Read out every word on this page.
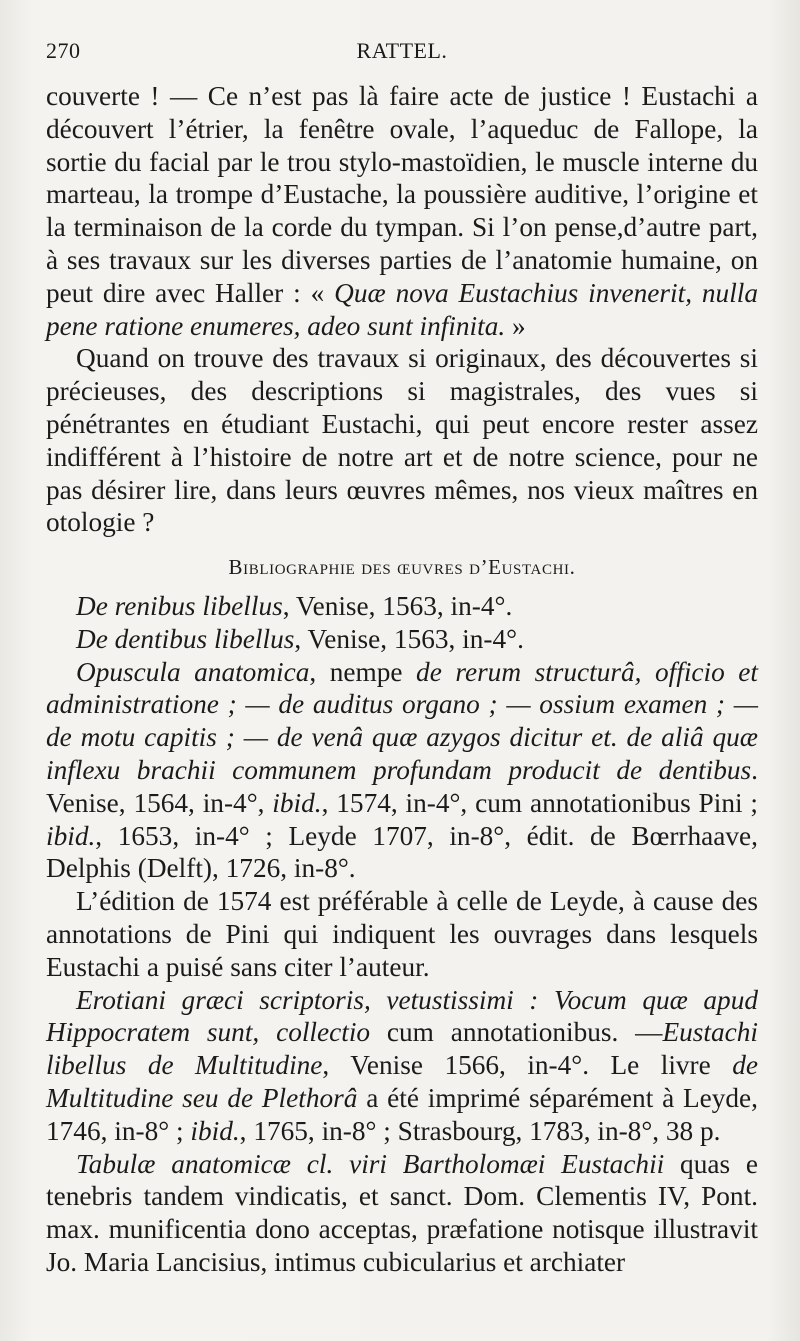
270	RATTEL.

couverte ! — Ce n’est pas là faire acte de justice ! Eustachi a découvert l’étrier, la fenêtre ovale, l’aqueduc de Fallope, la sortie du facial par le trou stylo-mastoïdien, le muscle interne du marteau, la trompe d’Eustache, la poussière auditive, l’origine et la terminaison de la corde du tympan. Si l’on pense,d’autre part, à ses travaux sur les diverses parties de l’anatomie humaine, on peut dire avec Haller : « Quæ nova Eustachius invenerit, nulla pene ratione enumeres, adeo sunt infinita. »

Quand on trouve des travaux si originaux, des découvertes si précieuses, des descriptions si magistrales, des vues si pénétrantes en étudiant Eustachi, qui peut encore rester assez indifférent à l’histoire de notre art et de notre science, pour ne pas désirer lire, dans leurs œuvres mêmes, nos vieux maîtres en otologie ?

Bibliographie des œuvres d’Eustachi.

De renibus libellus, Venise, 1563, in-4°.

De dentibus libellus, Venise, 1563, in-4°.

Opuscula anatomica, nempe de rerum structurâ, officio et administratione ; — de auditus organo ; — ossium examen ; — de motu capitis ; — de venâ quæ azygos dicitur et. de aliâ quæ inflexu brachii communem profundam producit de dentibus. Venise, 1564, in-4°, ibid., 1574, in-4°, cum annotationibus Pini ; ibid., 1653, in-4° ; Leyde 1707, in-8°, édit. de Bœrrhaave, Delphis (Delft), 1726, in-8°.

L’édition de 1574 est préférable à celle de Leyde, à cause des annotations de Pini qui indiquent les ouvrages dans lesquels Eustachi a puisé sans citer l’auteur.

Erotiani græci scriptoris, vetustissimi : Vocum quæ apud Hippocratem sunt, collectio cum annotationibus. —Eustachi libellus de Multitudine, Venise 1566, in-4°. Le livre de Multitudine seu de Plethorâ a été imprimé séparément à Leyde, 1746, in-8° ; ibid., 1765, in-8° ; Strasbourg, 1783, in-8°, 38 p.

Tabulæ anatomicæ cl. viri Bartholomæi Eustachii quas e tenebris tandem vindicatis, et sanct. Dom. Clementis IV, Pont. max. munificentia dono acceptas, præfatione notisque illustravit Jo. Maria Lancisius, intimus cubicularius et archiater
